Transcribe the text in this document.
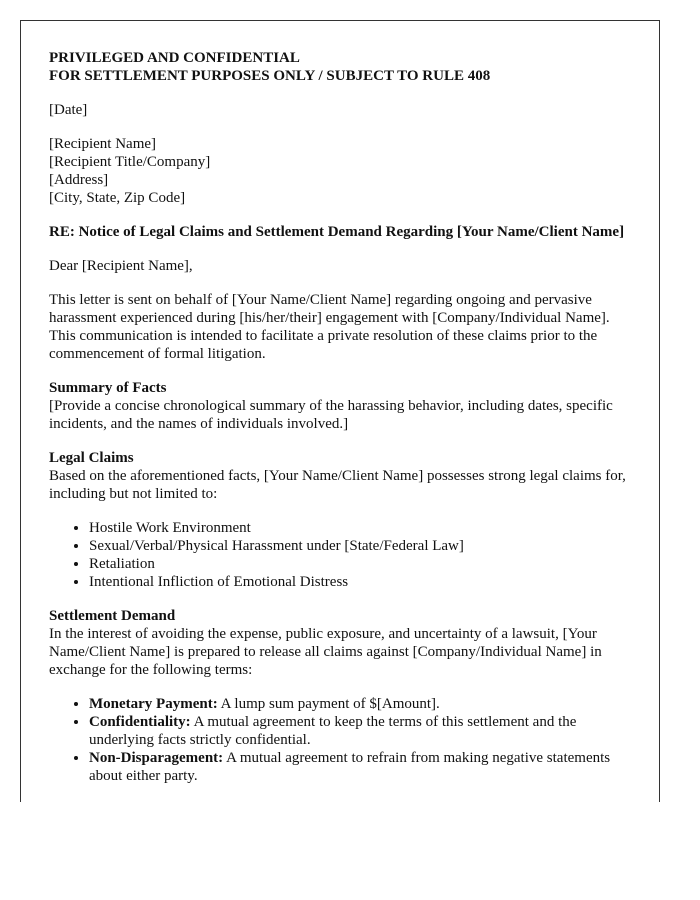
PRIVILEGED AND CONFIDENTIAL
FOR SETTLEMENT PURPOSES ONLY / SUBJECT TO RULE 408

[Date]

[Recipient Name]
[Recipient Title/Company]
[Address]
[City, State, Zip Code]

RE: Notice of Legal Claims and Settlement Demand Regarding [Your Name/Client Name]

Dear [Recipient Name],

This letter is sent on behalf of [Your Name/Client Name] regarding ongoing and pervasive harassment experienced during [his/her/their] engagement with [Company/Individual Name]. This communication is intended to facilitate a private resolution of these claims prior to the commencement of formal litigation.

Summary of Facts
[Provide a concise chronological summary of the harassing behavior, including dates, specific incidents, and the names of individuals involved.]

Legal Claims
Based on the aforementioned facts, [Your Name/Client Name] possesses strong legal claims for, including but not limited to:

• Hostile Work Environment
• Sexual/Verbal/Physical Harassment under [State/Federal Law]
• Retaliation
• Intentional Infliction of Emotional Distress

Settlement Demand
In the interest of avoiding the expense, public exposure, and uncertainty of a lawsuit, [Your Name/Client Name] is prepared to release all claims against [Company/Individual Name] in exchange for the following terms:

• Monetary Payment: A lump sum payment of $[Amount].
• Confidentiality: A mutual agreement to keep the terms of this settlement and the underlying facts strictly confidential.
• Non-Disparagement: A mutual agreement to refrain from making negative statements about either party.
